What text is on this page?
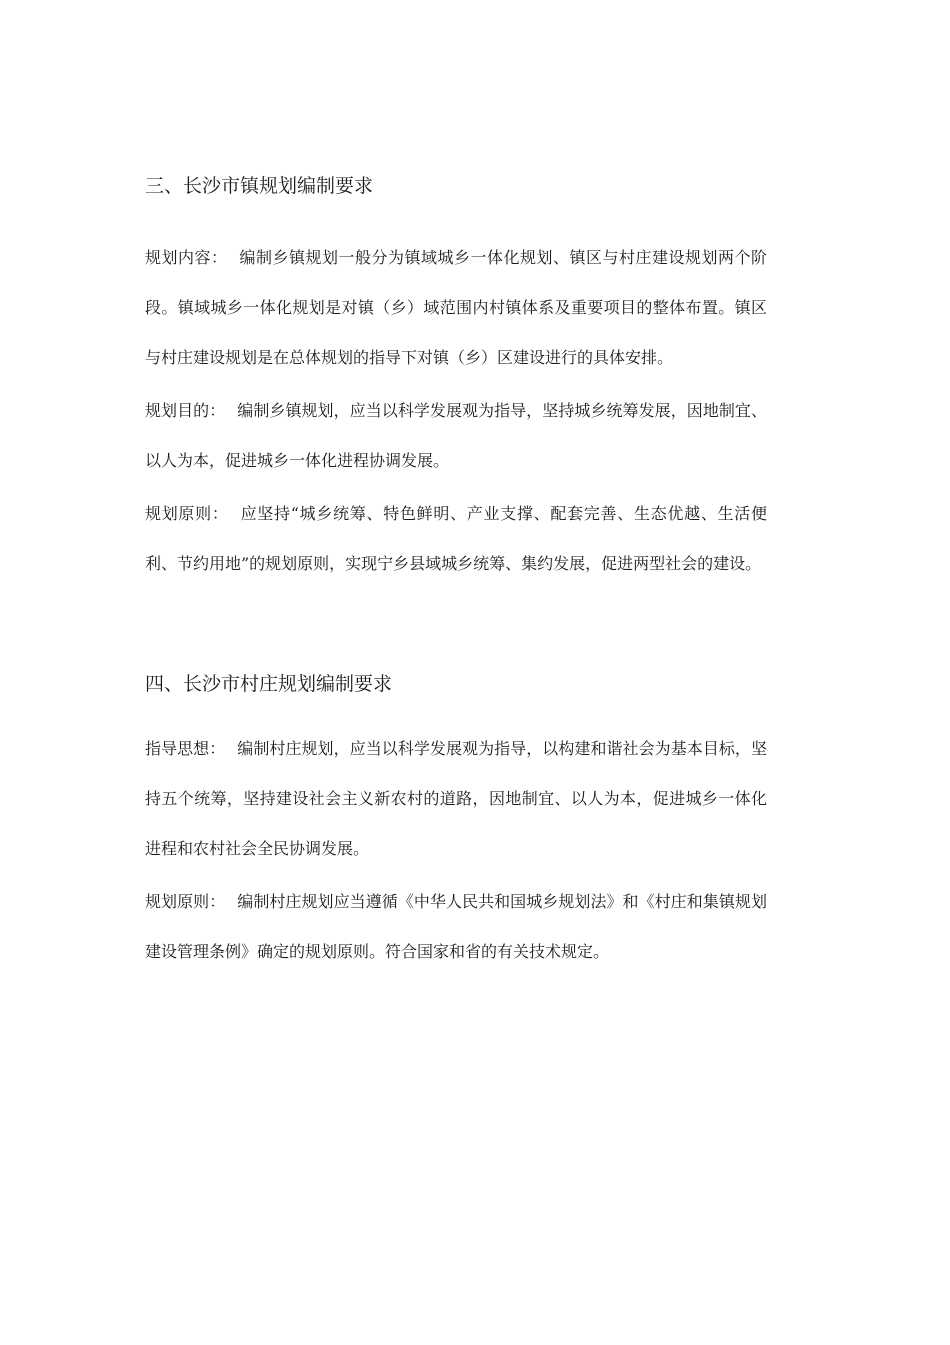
三、长沙市镇规划编制要求

规划内容： 编制乡镇规划一般分为镇域城乡一体化规划、镇区与村庄建设规划两个阶段。镇域城乡一体化规划是对镇（乡）域范围内村镇体系及重要项目的整体布置。镇区与村庄建设规划是在总体规划的指导下对镇（乡）区建设进行的具体安排。

规划目的： 编制乡镇规划，应当以科学发展观为指导，坚持城乡统筹发展，因地制宜、以人为本，促进城乡一体化进程协调发展。

规划原则： 应坚持“城乡统筹、特色鲜明、产业支撑、配套完善、生态优越、生活便利、节约用地”的规划原则，实现宁乡县域城乡统筹、集约发展，促进两型社会的建设。

四、长沙市村庄规划编制要求

指导思想： 编制村庄规划，应当以科学发展观为指导，以构建和谐社会为基本目标，坚持五个统筹，坚持建设社会主义新农村的道路，因地制宜、以人为本，促进城乡一体化进程和农村社会全民协调发展。

规划原则： 编制村庄规划应当遵循《中华人民共和国城乡规划法》和《村庄和集镇规划建设管理条例》确定的规划原则。符合国家和省的有关技术规定。
